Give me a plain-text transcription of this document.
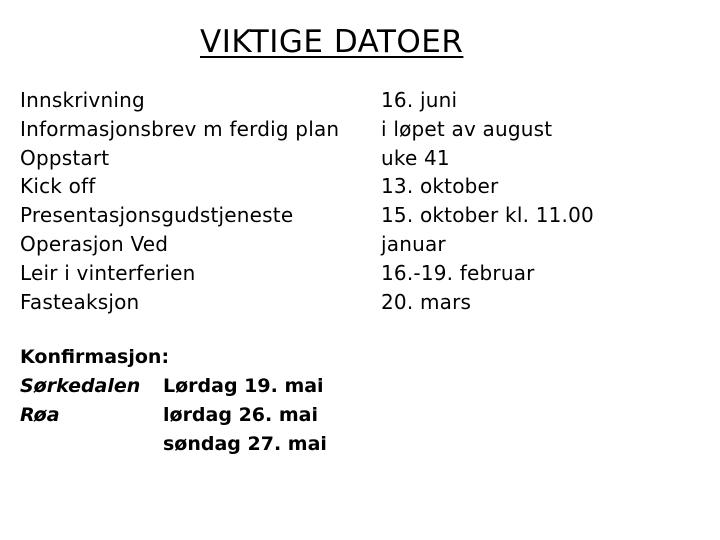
VIKTIGE DATOER
Innskrivning
Informasjonsbrev m ferdig plan
Oppstart
Kick off
Presentasjonsgudstjeneste
Operasjon Ved
Leir i vinterferien
Fasteaksjon
16. juni
i løpet av august
uke 41
13. oktober
15. oktober kl. 11.00
januar
16.-19. februar
20. mars
Konfirmasjon:
Sørkedalen
Røa
Lørdag 19. mai
lørdag 26. mai
søndag 27. mai
